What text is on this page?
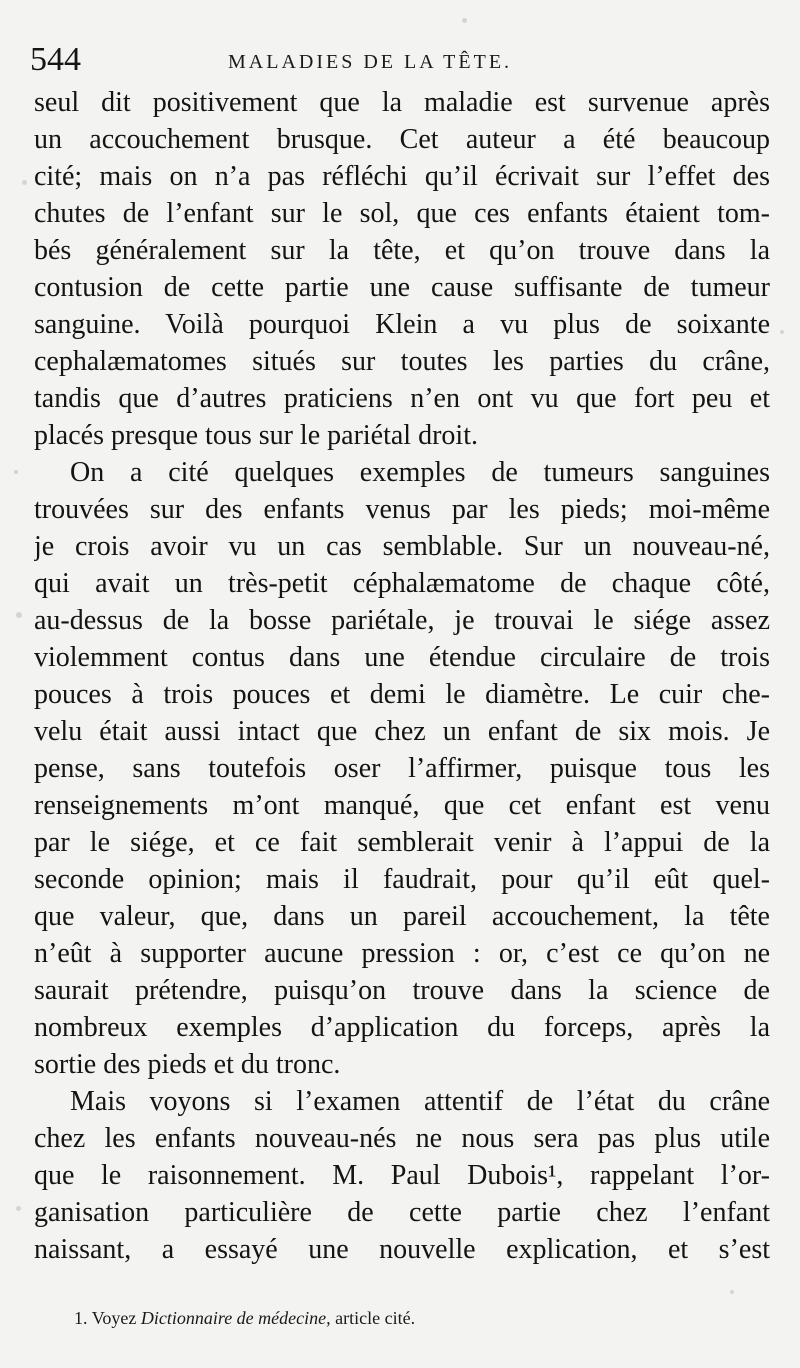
544	MALADIES DE LA TÊTE.
seul dit positivement que la maladie est survenue après
un accouchement brusque. Cet auteur a été beaucoup
cité; mais on n’a pas réfléchi qu’il écrivait sur l’effet des
chutes de l’enfant sur le sol, que ces enfants étaient tom-
bés généralement sur la tête, et qu’on trouve dans la
contusion de cette partie une cause suffisante de tumeur
sanguine. Voilà pourquoi Klein a vu plus de soixante
cephalæmatomes situés sur toutes les parties du crâne,
tandis que d’autres praticiens n’en ont vu que fort peu et
placés presque tous sur le pariétal droit.
On a cité quelques exemples de tumeurs sanguines
trouvées sur des enfants venus par les pieds; moi-même
je crois avoir vu un cas semblable. Sur un nouveau-né,
qui avait un très-petit céphalæmatome de chaque côté,
au-dessus de la bosse pariétale, je trouvai le siége assez
violemment contus dans une étendue circulaire de trois
pouces à trois pouces et demi le diamètre. Le cuir che-
velu était aussi intact que chez un enfant de six mois. Je
pense, sans toutefois oser l’affirmer, puisque tous les
renseignements m’ont manqué, que cet enfant est venu
par le siége, et ce fait semblerait venir à l’appui de la
seconde opinion; mais il faudrait, pour qu’il eût quel-
que valeur, que, dans un pareil accouchement, la tête
n’eût à supporter aucune pression : or, c’est ce qu’on ne
saurait prétendre, puisqu’on trouve dans la science de
nombreux exemples d’application du forceps, après la
sortie des pieds et du tronc.
Mais voyons si l’examen attentif de l’état du crâne
chez les enfants nouveau-nés ne nous sera pas plus utile
que le raisonnement. M. Paul Dubois¹, rappelant l’or-
ganisation particulière de cette partie chez l’enfant
naissant, a essayé une nouvelle explication, et s’est
1. Voyez Dictionnaire de médecine, article cité.
